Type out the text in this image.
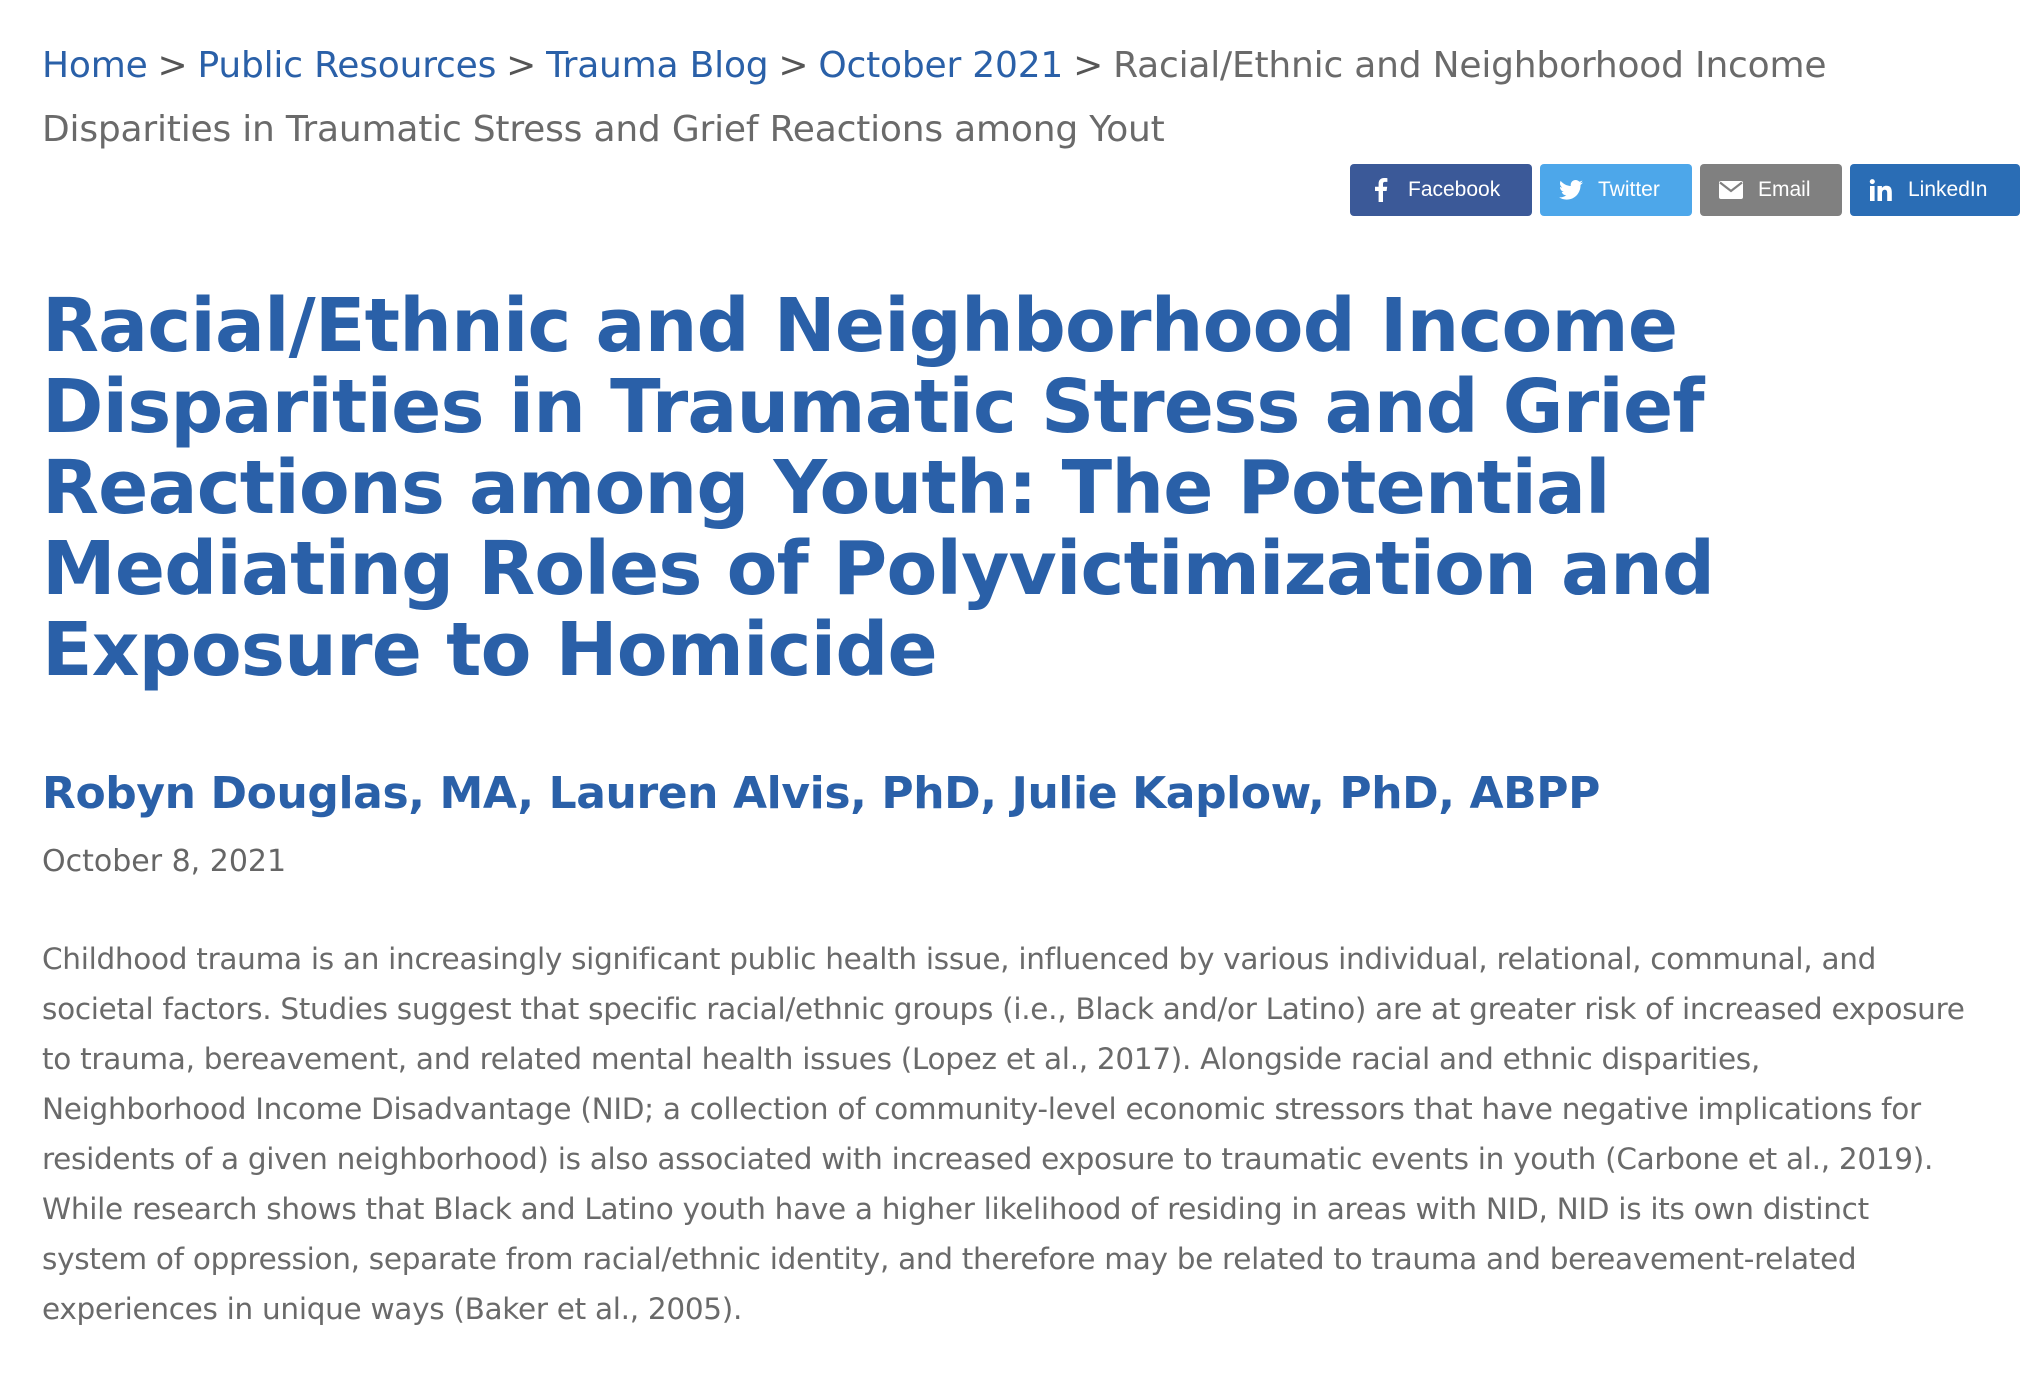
Home > Public Resources > Trauma Blog > October 2021 > Racial/Ethnic and Neighborhood Income Disparities in Traumatic Stress and Grief Reactions among Yout
Facebook	Twitter	Email	LinkedIn
Racial/Ethnic and Neighborhood Income Disparities in Traumatic Stress and Grief Reactions among Youth: The Potential Mediating Roles of Polyvictimization and Exposure to Homicide
Robyn Douglas, MA, Lauren Alvis, PhD, Julie Kaplow, PhD, ABPP
October 8, 2021

Childhood trauma is an increasingly significant public health issue, influenced by various individual, relational, communal, and societal factors. Studies suggest that specific racial/ethnic groups (i.e., Black and/or Latino) are at greater risk of increased exposure to trauma, bereavement, and related mental health issues (Lopez et al., 2017). Alongside racial and ethnic disparities, Neighborhood Income Disadvantage (NID; a collection of community-level economic stressors that have negative implications for residents of a given neighborhood) is also associated with increased exposure to traumatic events in youth (Carbone et al., 2019). While research shows that Black and Latino youth have a higher likelihood of residing in areas with NID, NID is its own distinct system of oppression, separate from racial/ethnic identity, and therefore may be related to trauma and bereavement-related experiences in unique ways (Baker et al., 2005).
